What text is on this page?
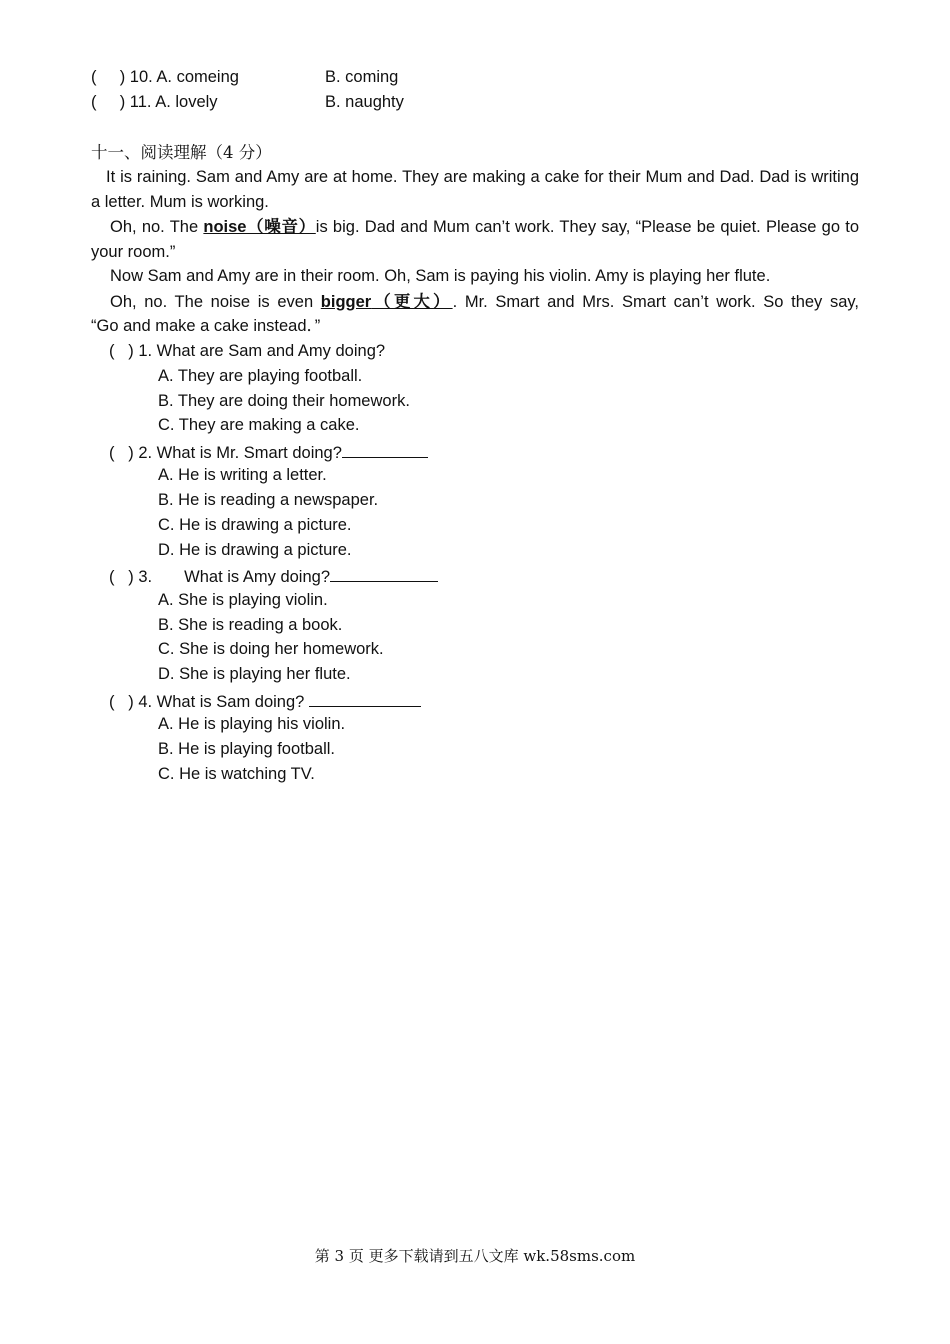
( ) 10. A. comeing	B. coming
( ) 11. A. lovely	B. naughty
十一、阅读理解（4 分）
It is raining. Sam and Amy are at home. They are making a cake for their Mum and Dad. Dad is writing a letter. Mum is working.
Oh, no. The noise（噪音）is big. Dad and Mum can’t work. They say, “Please be quiet. Please go to your room.”
Now Sam and Amy are in their room. Oh, Sam is paying his violin. Amy is playing her flute.
Oh, no. The noise is even bigger（更大）. Mr. Smart and Mrs. Smart can’t work. So they say,
“Go and make a cake instead．”
(   ) 1. What are Sam and Amy doing?
A. They are playing football.
B. They are doing their homework.
C. They are making a cake.
(   ) 2. What is Mr. Smart doing?
A. He is writing a letter.
B. He is reading a newspaper.
C. He is drawing a picture.
D. He is drawing a picture.
(   ) 3.       What is Amy doing?
A. She is playing violin.
B. She is reading a book.
C. She is doing her homework.
D. She is playing her flute.
(   ) 4. What is Sam doing?
A. He is playing his violin.
B. He is playing football.
C. He is watching TV.
第 3 页 更多下载请到五八文库 wk.58sms.com
